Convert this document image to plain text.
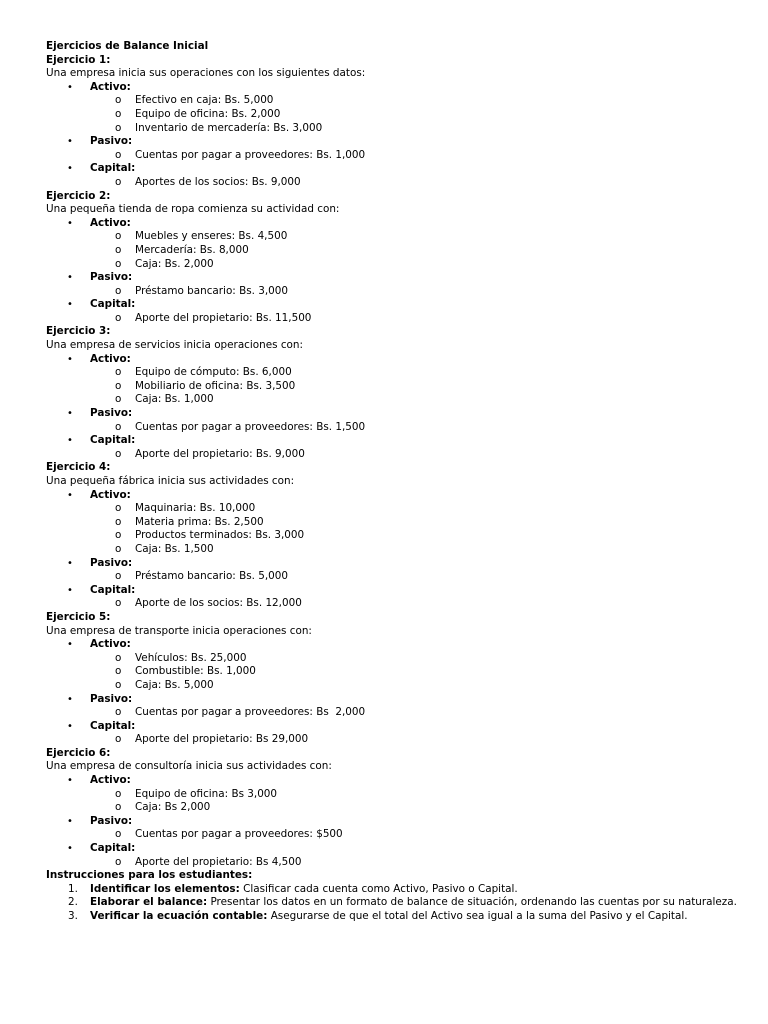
Ejercicios de Balance Inicial
Ejercicio 1:
Una empresa inicia sus operaciones con los siguientes datos:
• Activo:
o Efectivo en caja: Bs. 5,000
o Equipo de oficina: Bs. 2,000
o Inventario de mercadería: Bs. 3,000
• Pasivo:
o Cuentas por pagar a proveedores: Bs. 1,000
• Capital:
o Aportes de los socios: Bs. 9,000
Ejercicio 2:
Una pequeña tienda de ropa comienza su actividad con:
• Activo:
o Muebles y enseres: Bs. 4,500
o Mercadería: Bs. 8,000
o Caja: Bs. 2,000
• Pasivo:
o Préstamo bancario: Bs. 3,000
• Capital:
o Aporte del propietario: Bs. 11,500
Ejercicio 3:
Una empresa de servicios inicia operaciones con:
• Activo:
o Equipo de cómputo: Bs. 6,000
o Mobiliario de oficina: Bs. 3,500
o Caja: Bs. 1,000
• Pasivo:
o Cuentas por pagar a proveedores: Bs. 1,500
• Capital:
o Aporte del propietario: Bs. 9,000
Ejercicio 4:
Una pequeña fábrica inicia sus actividades con:
• Activo:
o Maquinaria: Bs. 10,000
o Materia prima: Bs. 2,500
o Productos terminados: Bs. 3,000
o Caja: Bs. 1,500
• Pasivo:
o Préstamo bancario: Bs. 5,000
• Capital:
o Aporte de los socios: Bs. 12,000
Ejercicio 5:
Una empresa de transporte inicia operaciones con:
• Activo:
o Vehículos: Bs. 25,000
o Combustible: Bs. 1,000
o Caja: Bs. 5,000
• Pasivo:
o Cuentas por pagar a proveedores: Bs  2,000
• Capital:
o Aporte del propietario: Bs 29,000
Ejercicio 6:
Una empresa de consultoría inicia sus actividades con:
• Activo:
o Equipo de oficina: Bs 3,000
o Caja: Bs 2,000
• Pasivo:
o Cuentas por pagar a proveedores: $500
• Capital:
o Aporte del propietario: Bs 4,500
Instrucciones para los estudiantes:
1. Identificar los elementos: Clasificar cada cuenta como Activo, Pasivo o Capital.
2. Elaborar el balance: Presentar los datos en un formato de balance de situación, ordenando las cuentas por su naturaleza.
3. Verificar la ecuación contable: Asegurarse de que el total del Activo sea igual a la suma del Pasivo y el Capital.
